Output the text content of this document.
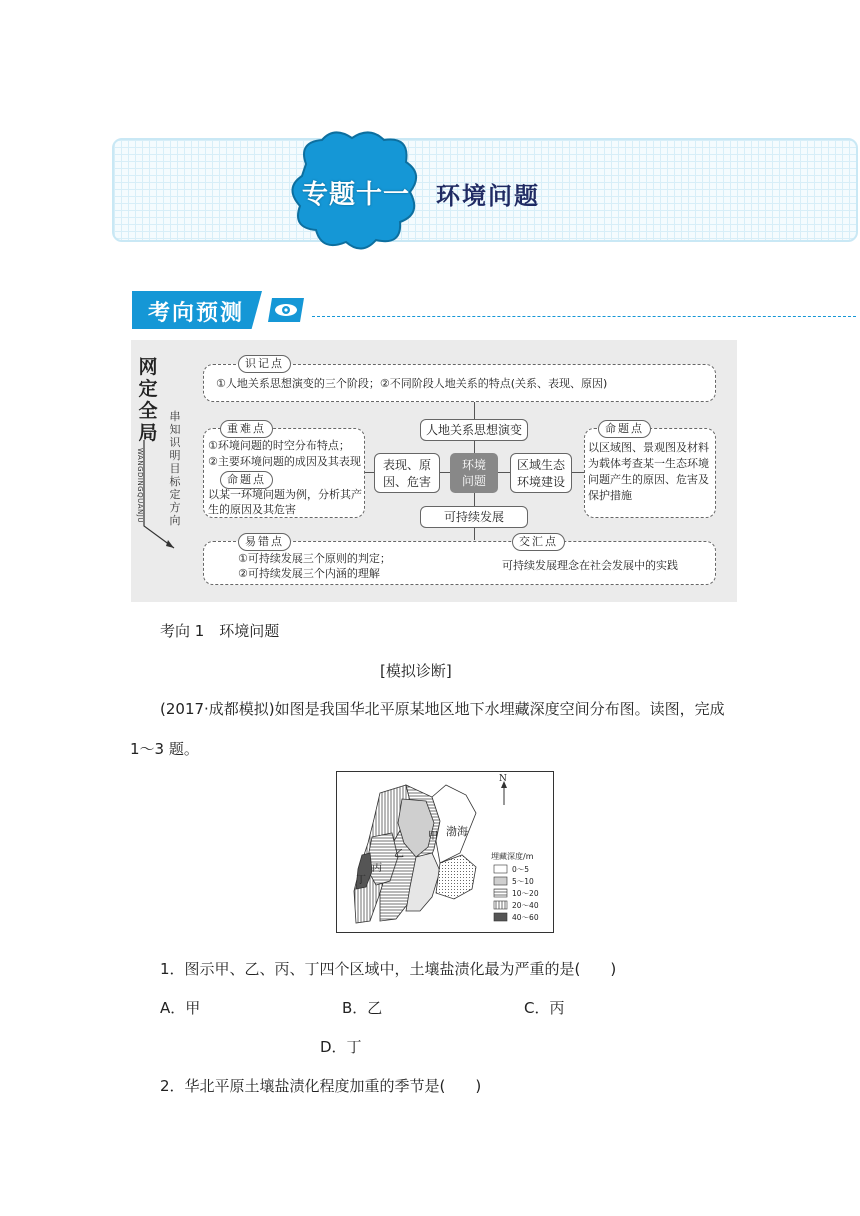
专题十一	环境问题
考向预测
网定全局
串知识 明目标 定方向
WANGDINGQUANJU
识记点
①人地关系思想演变的三个阶段；②不同阶段人地关系的特点(关系、表现、原因)
重难点
①环境问题的时空分布特点；
②主要环境问题的成因及其表现
命题点
以某一环境问题为例，分析其产
生的原因及其危害
命题点
以区域图、景观图及材料
为载体考查某一生态环境
问题产生的原因、危害及
保护措施
人地关系思想演变
表现、原
因、危害
环境
问题
区域生态
环境建设
可持续发展
易错点
①可持续发展三个原则的判定；
②可持续发展三个内涵的理解
交汇点
可持续发展理念在社会发展中的实践
考向 1　环境问题
[模拟诊断]
(2017·成都模拟)如图是我国华北平原某地区地下水埋藏深度空间分布图。读图，完成
1～3 题。
N
渤海
甲
乙
丙
丁
埋藏深度/m
0～5
5～10
10～20
20～40
40～60
1．图示甲、乙、丙、丁四个区域中，土壤盐渍化最为严重的是(　　)
A．甲	B．乙	C．丙
D．丁
2．华北平原土壤盐渍化程度加重的季节是(　　)
